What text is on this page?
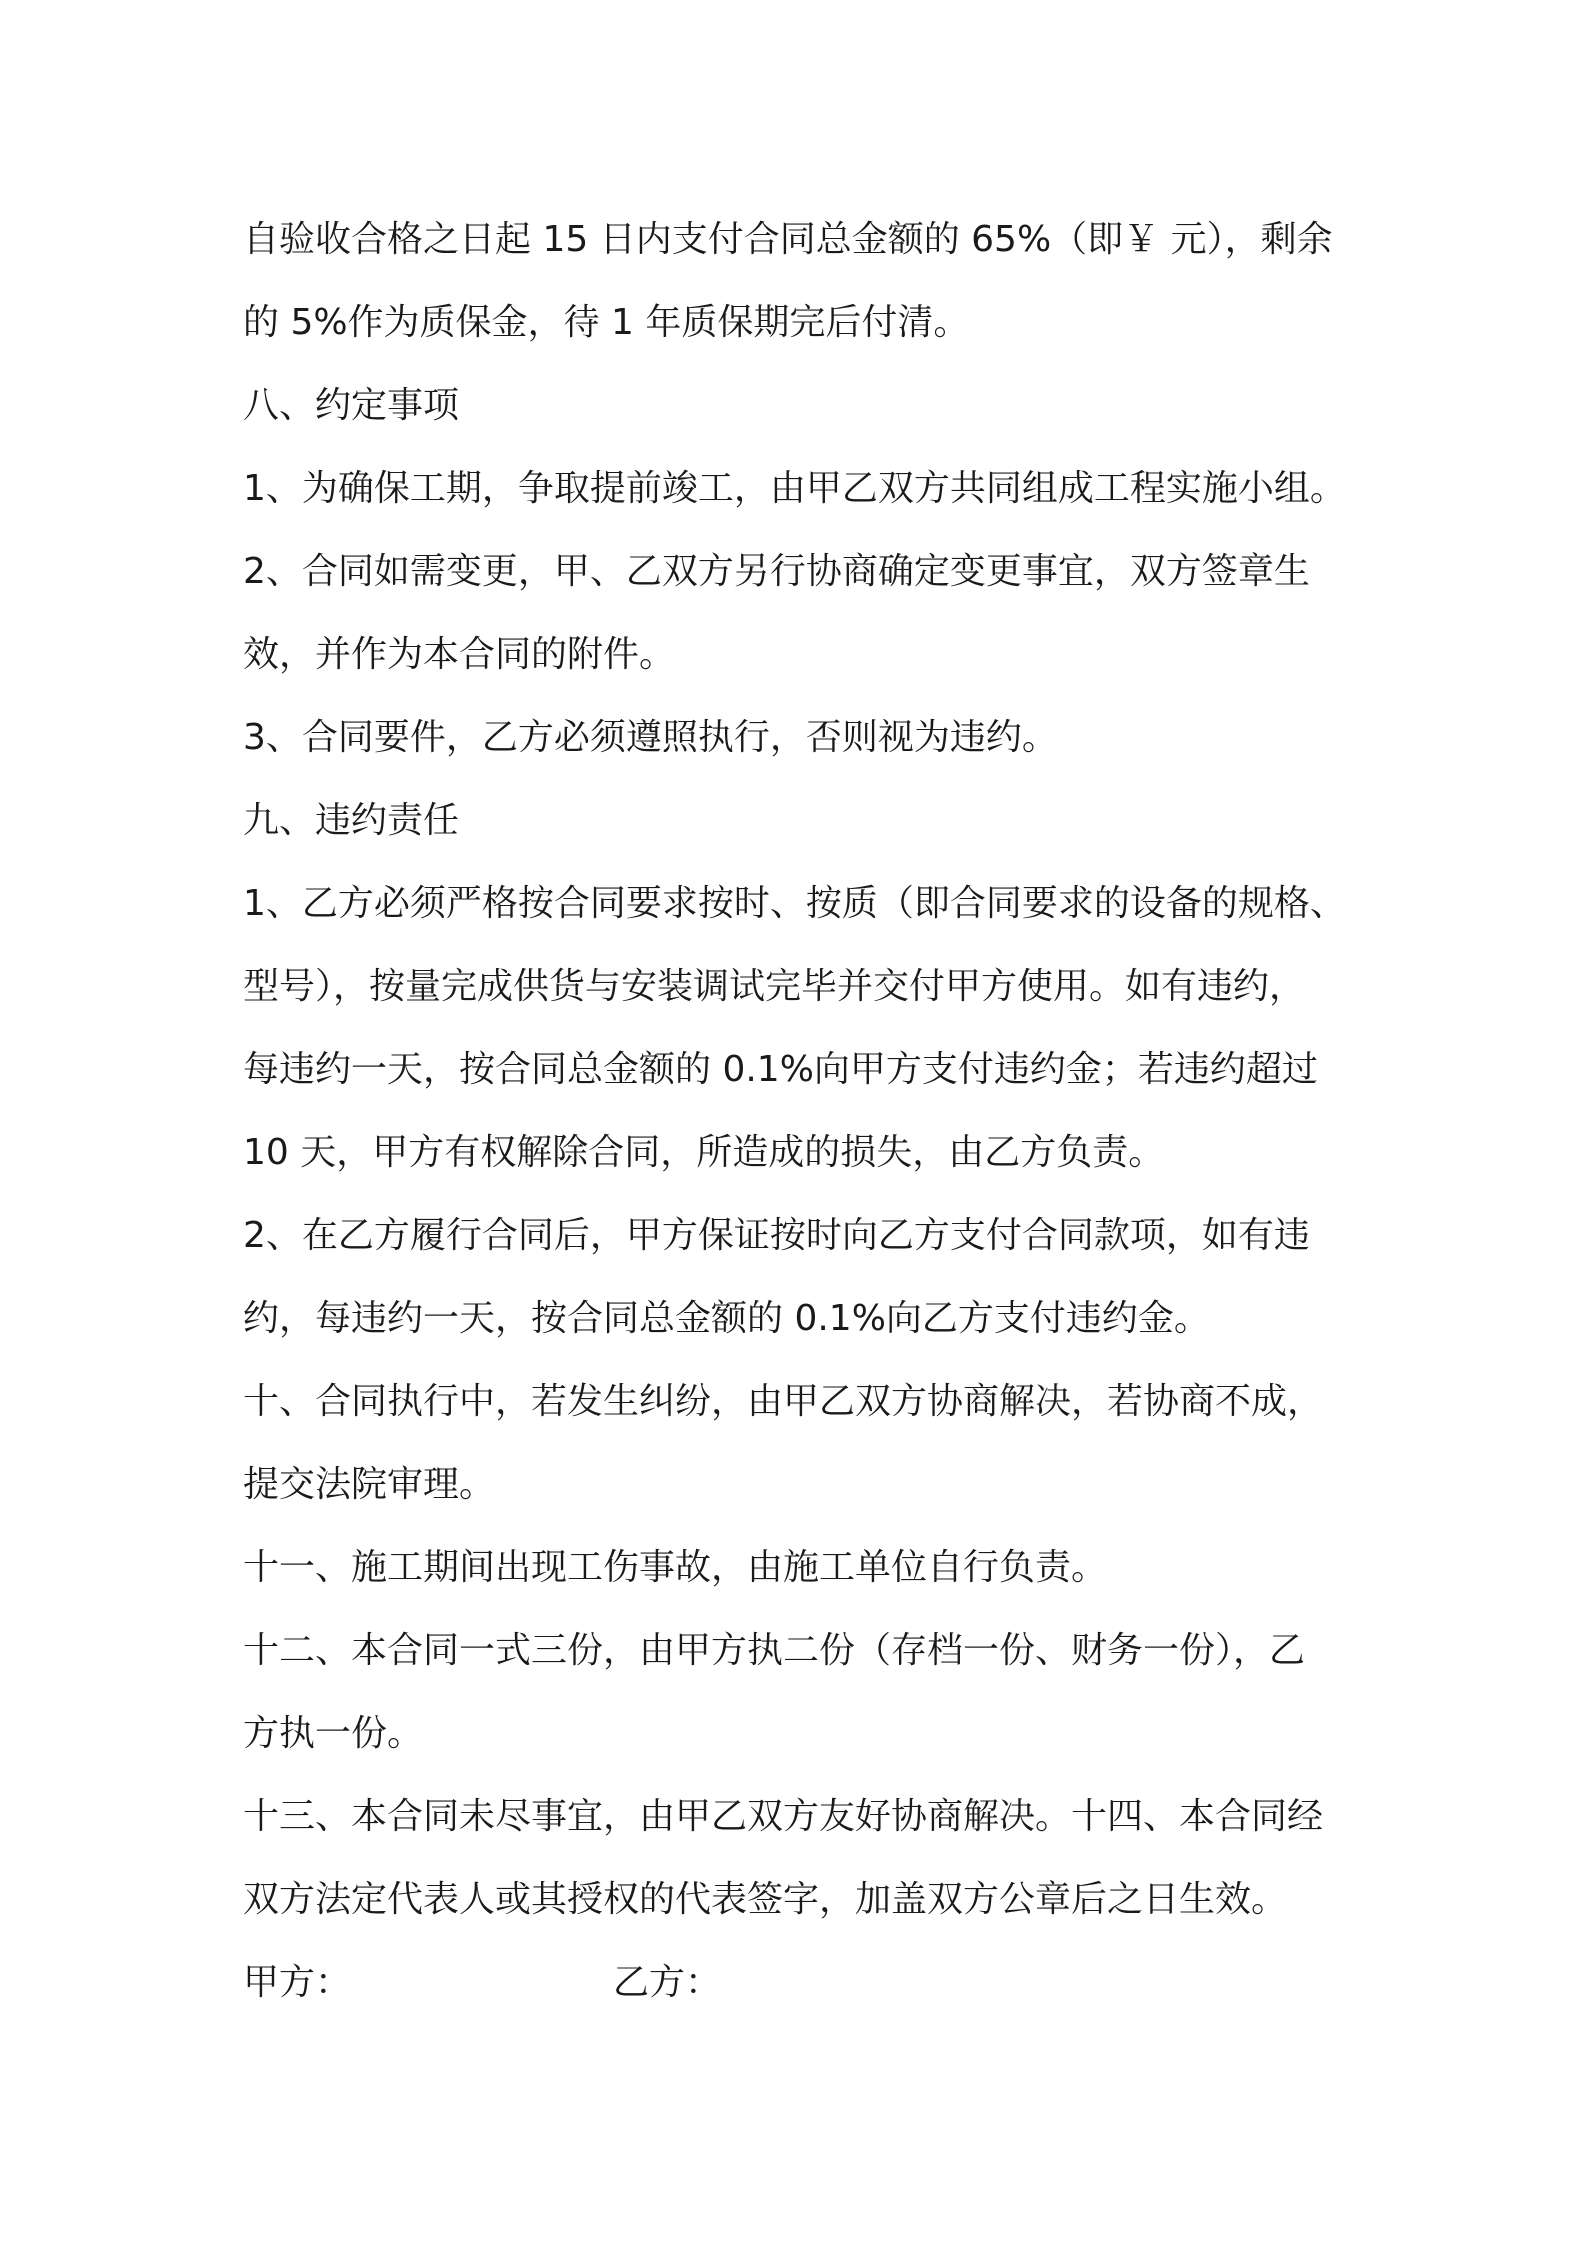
自验收合格之日起 15 日内支付合同总金额的 65%（即￥ 元），剩余
的 5%作为质保金，待 1 年质保期完后付清。
八、约定事项
1、为确保工期，争取提前竣工，由甲乙双方共同组成工程实施小组。
2、合同如需变更，甲、乙双方另行协商确定变更事宜，双方签章生
效，并作为本合同的附件。
3、合同要件，乙方必须遵照执行，否则视为违约。
九、违约责任
1、乙方必须严格按合同要求按时、按质（即合同要求的设备的规格、
型号），按量完成供货与安装调试完毕并交付甲方使用。如有违约，
每违约一天，按合同总金额的 0.1%向甲方支付违约金；若违约超过
10 天，甲方有权解除合同，所造成的损失，由乙方负责。
2、在乙方履行合同后，甲方保证按时向乙方支付合同款项，如有违
约，每违约一天，按合同总金额的 0.1%向乙方支付违约金。
十、合同执行中，若发生纠纷，由甲乙双方协商解决，若协商不成，
提交法院审理。
十一、施工期间出现工伤事故，由施工单位自行负责。
十二、本合同一式三份，由甲方执二份（存档一份、财务一份），乙
方执一份。
十三、本合同未尽事宜，由甲乙双方友好协商解决。十四、本合同经
双方法定代表人或其授权的代表签字，加盖双方公章后之日生效。
甲方：	乙方：
